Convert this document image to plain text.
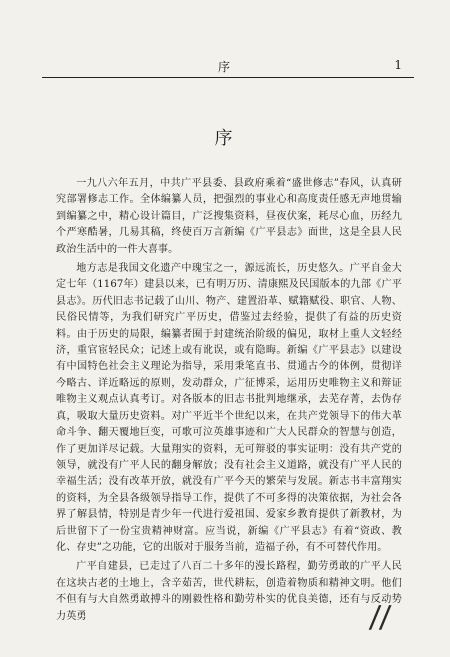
序	1
序

一九八六年五月，中共广平县委、县政府乘着“盛世修志”春风，认真研究部署修志工作。全体编纂人员，把强烈的事业心和高度责任感无声地贯输到编纂之中，精心设计篇目，广泛搜集资料，昼夜伏案，耗尽心血，历经九个严寒酷暑，几易其稿，终使百万言新编《广平县志》面世，这是全县人民政治生活中的一件大喜事。

地方志是我国文化遗产中瑰宝之一，源远流长，历史悠久。广平自金大定七年（1167年）建县以来，已有明万历、清康熙及民国版本的九部《广平县志》。历代旧志书记载了山川、物产、建置沿革、赋籍赋役、职官、人物、民俗民情等，为我们研究广平历史，借鉴过去经验，提供了有益的历史资料。由于历史的局限，编纂者囿于封建统治阶级的偏见，取材上重人文轻经济，重官宦轻民众；记述上或有讹误，或有隐晦。新编《广平县志》以建设有中国特色社会主义理论为指导，采用秉笔直书、贯通古今的体例，贯彻详今略古、详近略远的原则，发动群众，广征博采，运用历史唯物主义和辩证唯物主义观点认真考订。对各版本的旧志书批判地继承，去芜存菁，去伪存真，吸取大量历史资料。对广平近半个世纪以来，在共产党领导下的伟大革命斗争、翻天覆地巨变，可歌可泣英雄事迹和广大人民群众的智慧与创造，作了更加详尽记载。大量翔实的资料，无可辩驳的事实证明：没有共产党的领导，就没有广平人民的翻身解放；没有社会主义道路，就没有广平人民的幸福生活；没有改革开放，就没有广平今天的繁荣与发展。新志书丰富翔实的资料，为全县各级领导指导工作，提供了不可多得的决策依据，为社会各界了解县情，特别是青少年一代进行爱祖国、爱家乡教育提供了新教材，为后世留下了一份宝贵精神财富。应当说，新编《广平县志》有着“资政、教化、存史”之功能，它的出版对于服务当前，造福子孙，有不可替代作用。

广平自建县，已走过了八百二十多年的漫长路程，勤劳勇敢的广平人民在这块古老的土地上，含辛茹苦，世代耕耘，创造着物质和精神文明。他们不但有与大自然勇敢搏斗的刚毅性格和勤劳朴实的优良美德，还有与反动势力英勇	//
